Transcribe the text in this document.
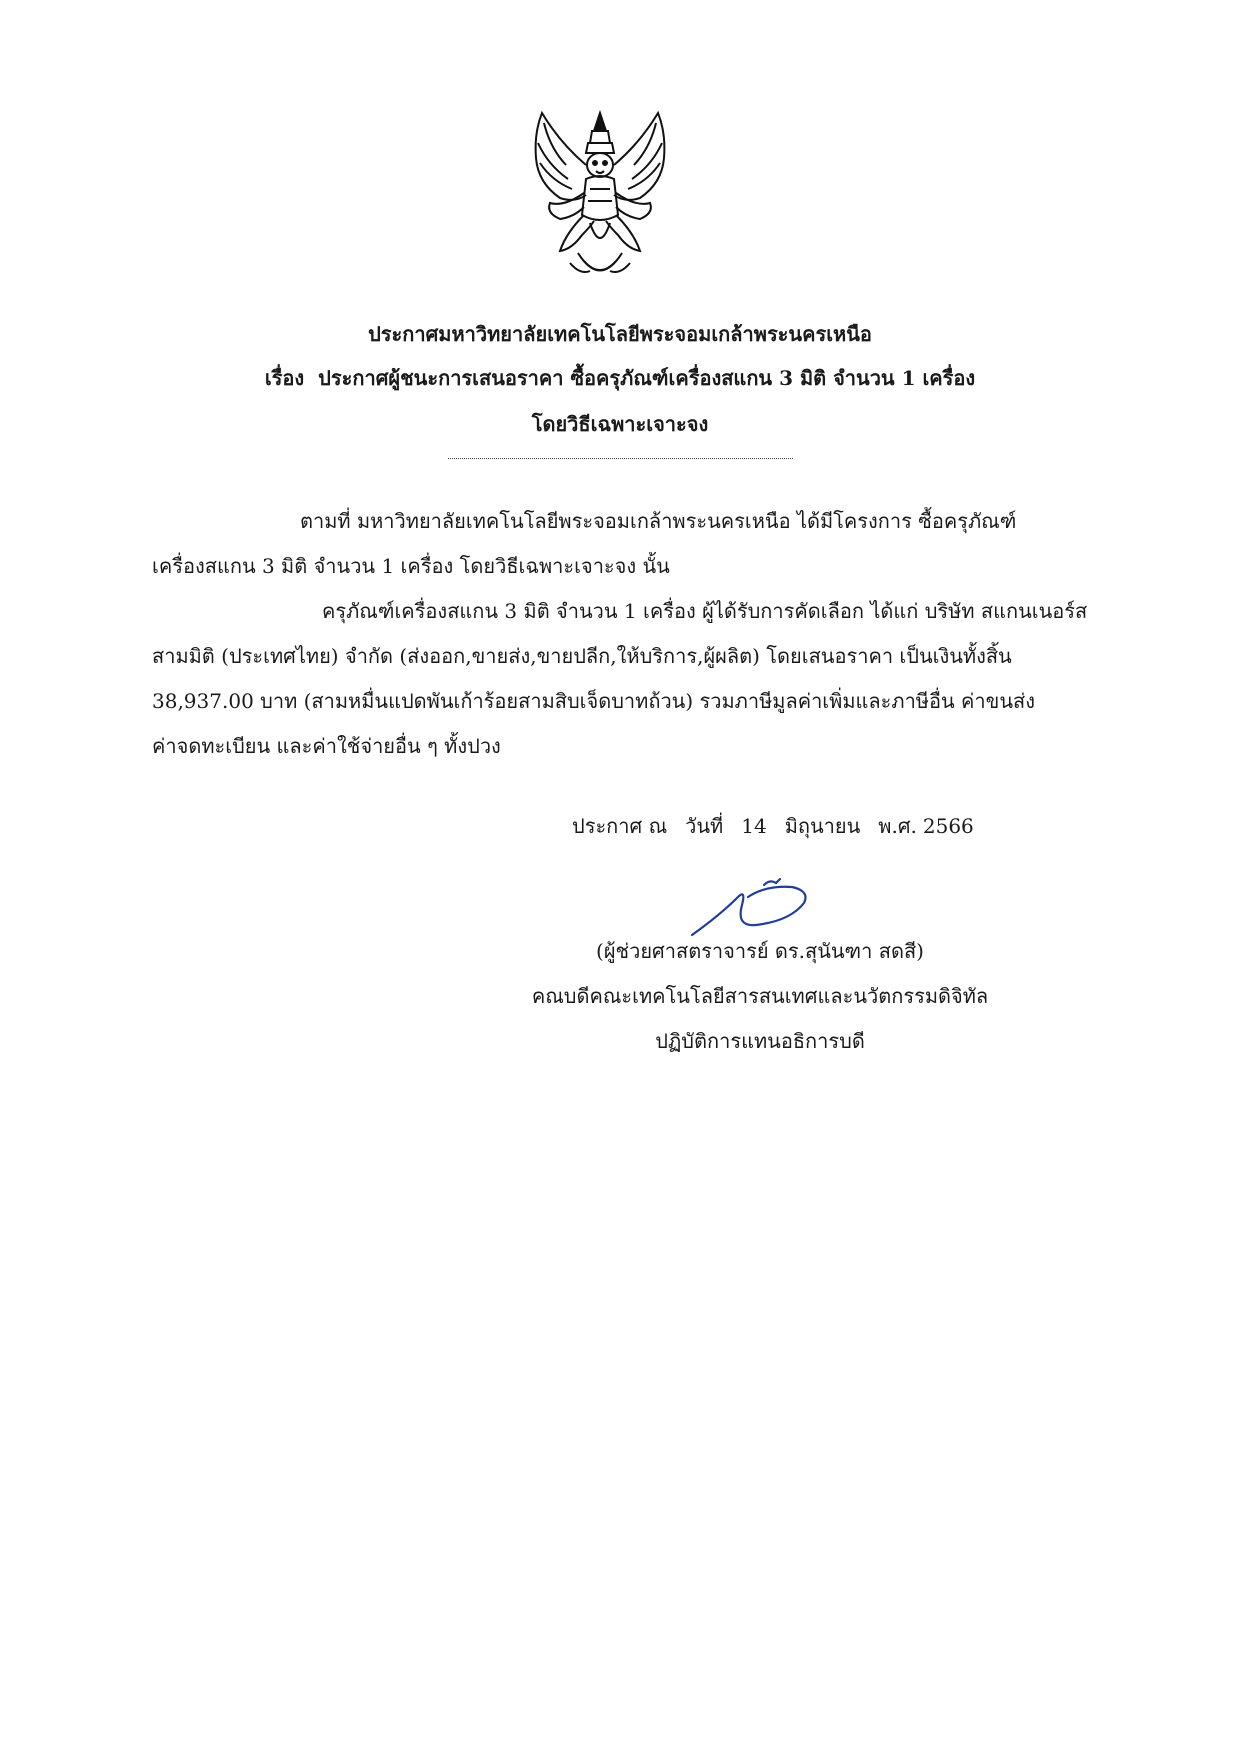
ประกาศมหาวิทยาลัยเทคโนโลยีพระจอมเกล้าพระนครเหนือ
เรื่อง ประกาศผู้ชนะการเสนอราคา ซื้อครุภัณฑ์เครื่องสแกน 3 มิติ จำนวน 1 เครื่อง
โดยวิธีเฉพาะเจาะจง
ตามที่ มหาวิทยาลัยเทคโนโลยีพระจอมเกล้าพระนครเหนือ ได้มีโครงการ ซื้อครุภัณฑ์
เครื่องสแกน 3 มิติ จำนวน 1 เครื่อง โดยวิธีเฉพาะเจาะจง นั้น
ครุภัณฑ์เครื่องสแกน 3 มิติ จำนวน 1 เครื่อง ผู้ได้รับการคัดเลือก ได้แก่ บริษัท สแกนเนอร์ส
สามมิติ (ประเทศไทย) จำกัด (ส่งออก,ขายส่ง,ขายปลีก,ให้บริการ,ผู้ผลิต) โดยเสนอราคา เป็นเงินทั้งสิ้น
38,937.00 บาท (สามหมื่นแปดพันเก้าร้อยสามสิบเจ็ดบาทถ้วน) รวมภาษีมูลค่าเพิ่มและภาษีอื่น ค่าขนส่ง
ค่าจดทะเบียน และค่าใช้จ่ายอื่น ๆ ทั้งปวง
ประกาศ ณ วันที่ 14 มิถุนายน พ.ศ. 2566
(ผู้ช่วยศาสตราจารย์ ดร.สุนันฑา สดสี)
คณบดีคณะเทคโนโลยีสารสนเทศและนวัตกรรมดิจิทัล
ปฏิบัติการแทนอธิการบดี
